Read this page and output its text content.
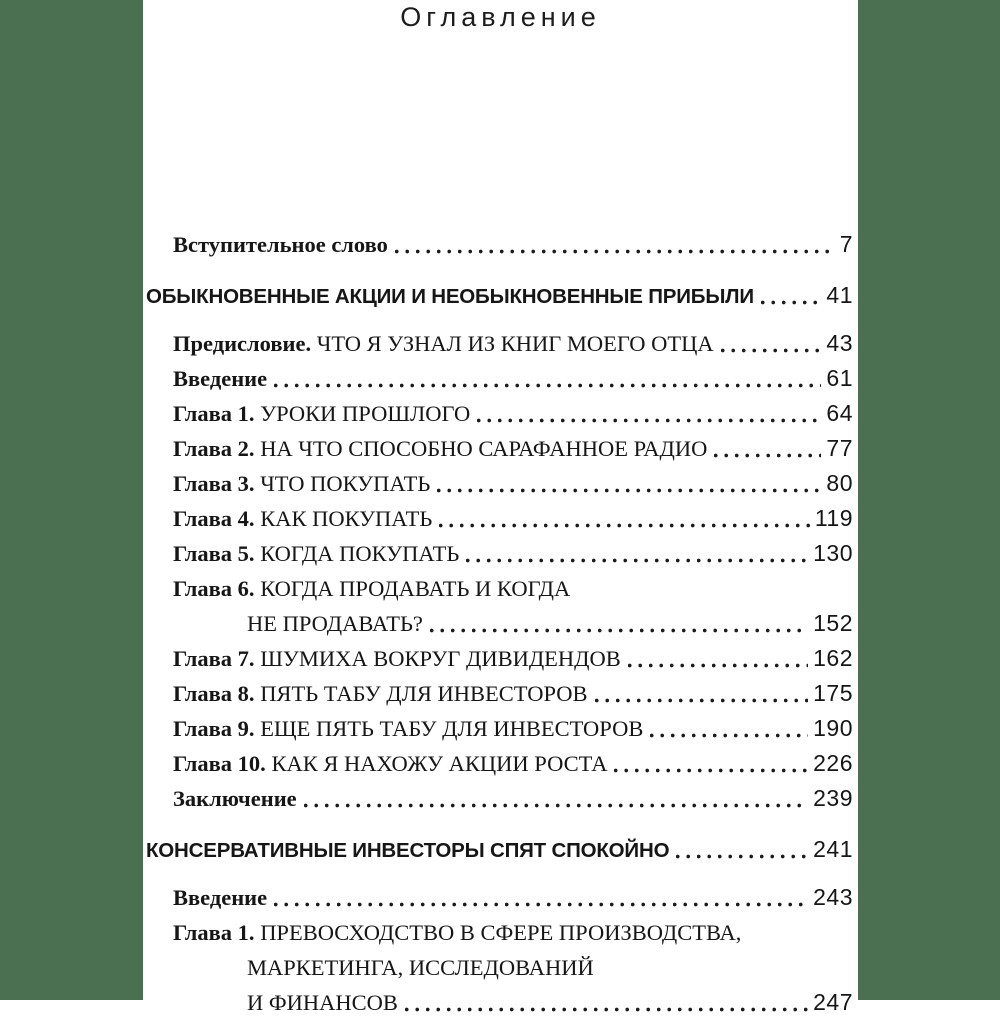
Оглавление
Вступительное слово	7
ОБЫКНОВЕННЫЕ АКЦИИ И НЕОБЫКНОВЕННЫЕ ПРИБЫЛИ	41
Предисловие. ЧТО Я УЗНАЛ ИЗ КНИГ МОЕГО ОТЦА	43
Введение	61
Глава 1. УРОКИ ПРОШЛОГО	64
Глава 2. НА ЧТО СПОСОБНО САРАФАННОЕ РАДИО	77
Глава 3. ЧТО ПОКУПАТЬ	80
Глава 4. КАК ПОКУПАТЬ	119
Глава 5. КОГДА ПОКУПАТЬ	130
Глава 6. КОГДА ПРОДАВАТЬ И КОГДА
НЕ ПРОДАВАТЬ?	152
Глава 7. ШУМИХА ВОКРУГ ДИВИДЕНДОВ	162
Глава 8. ПЯТЬ ТАБУ ДЛЯ ИНВЕСТОРОВ	175
Глава 9. ЕЩЕ ПЯТЬ ТАБУ ДЛЯ ИНВЕСТОРОВ	190
Глава 10. КАК Я НАХОЖУ АКЦИИ РОСТА	226
Заключение	239
КОНСЕРВАТИВНЫЕ ИНВЕСТОРЫ СПЯТ СПОКОЙНО	241
Введение	243
Глава 1. ПРЕВОСХОДСТВО В СФЕРЕ ПРОИЗВОДСТВА,
МАРКЕТИНГА, ИССЛЕДОВАНИЙ
И ФИНАНСОВ	247
